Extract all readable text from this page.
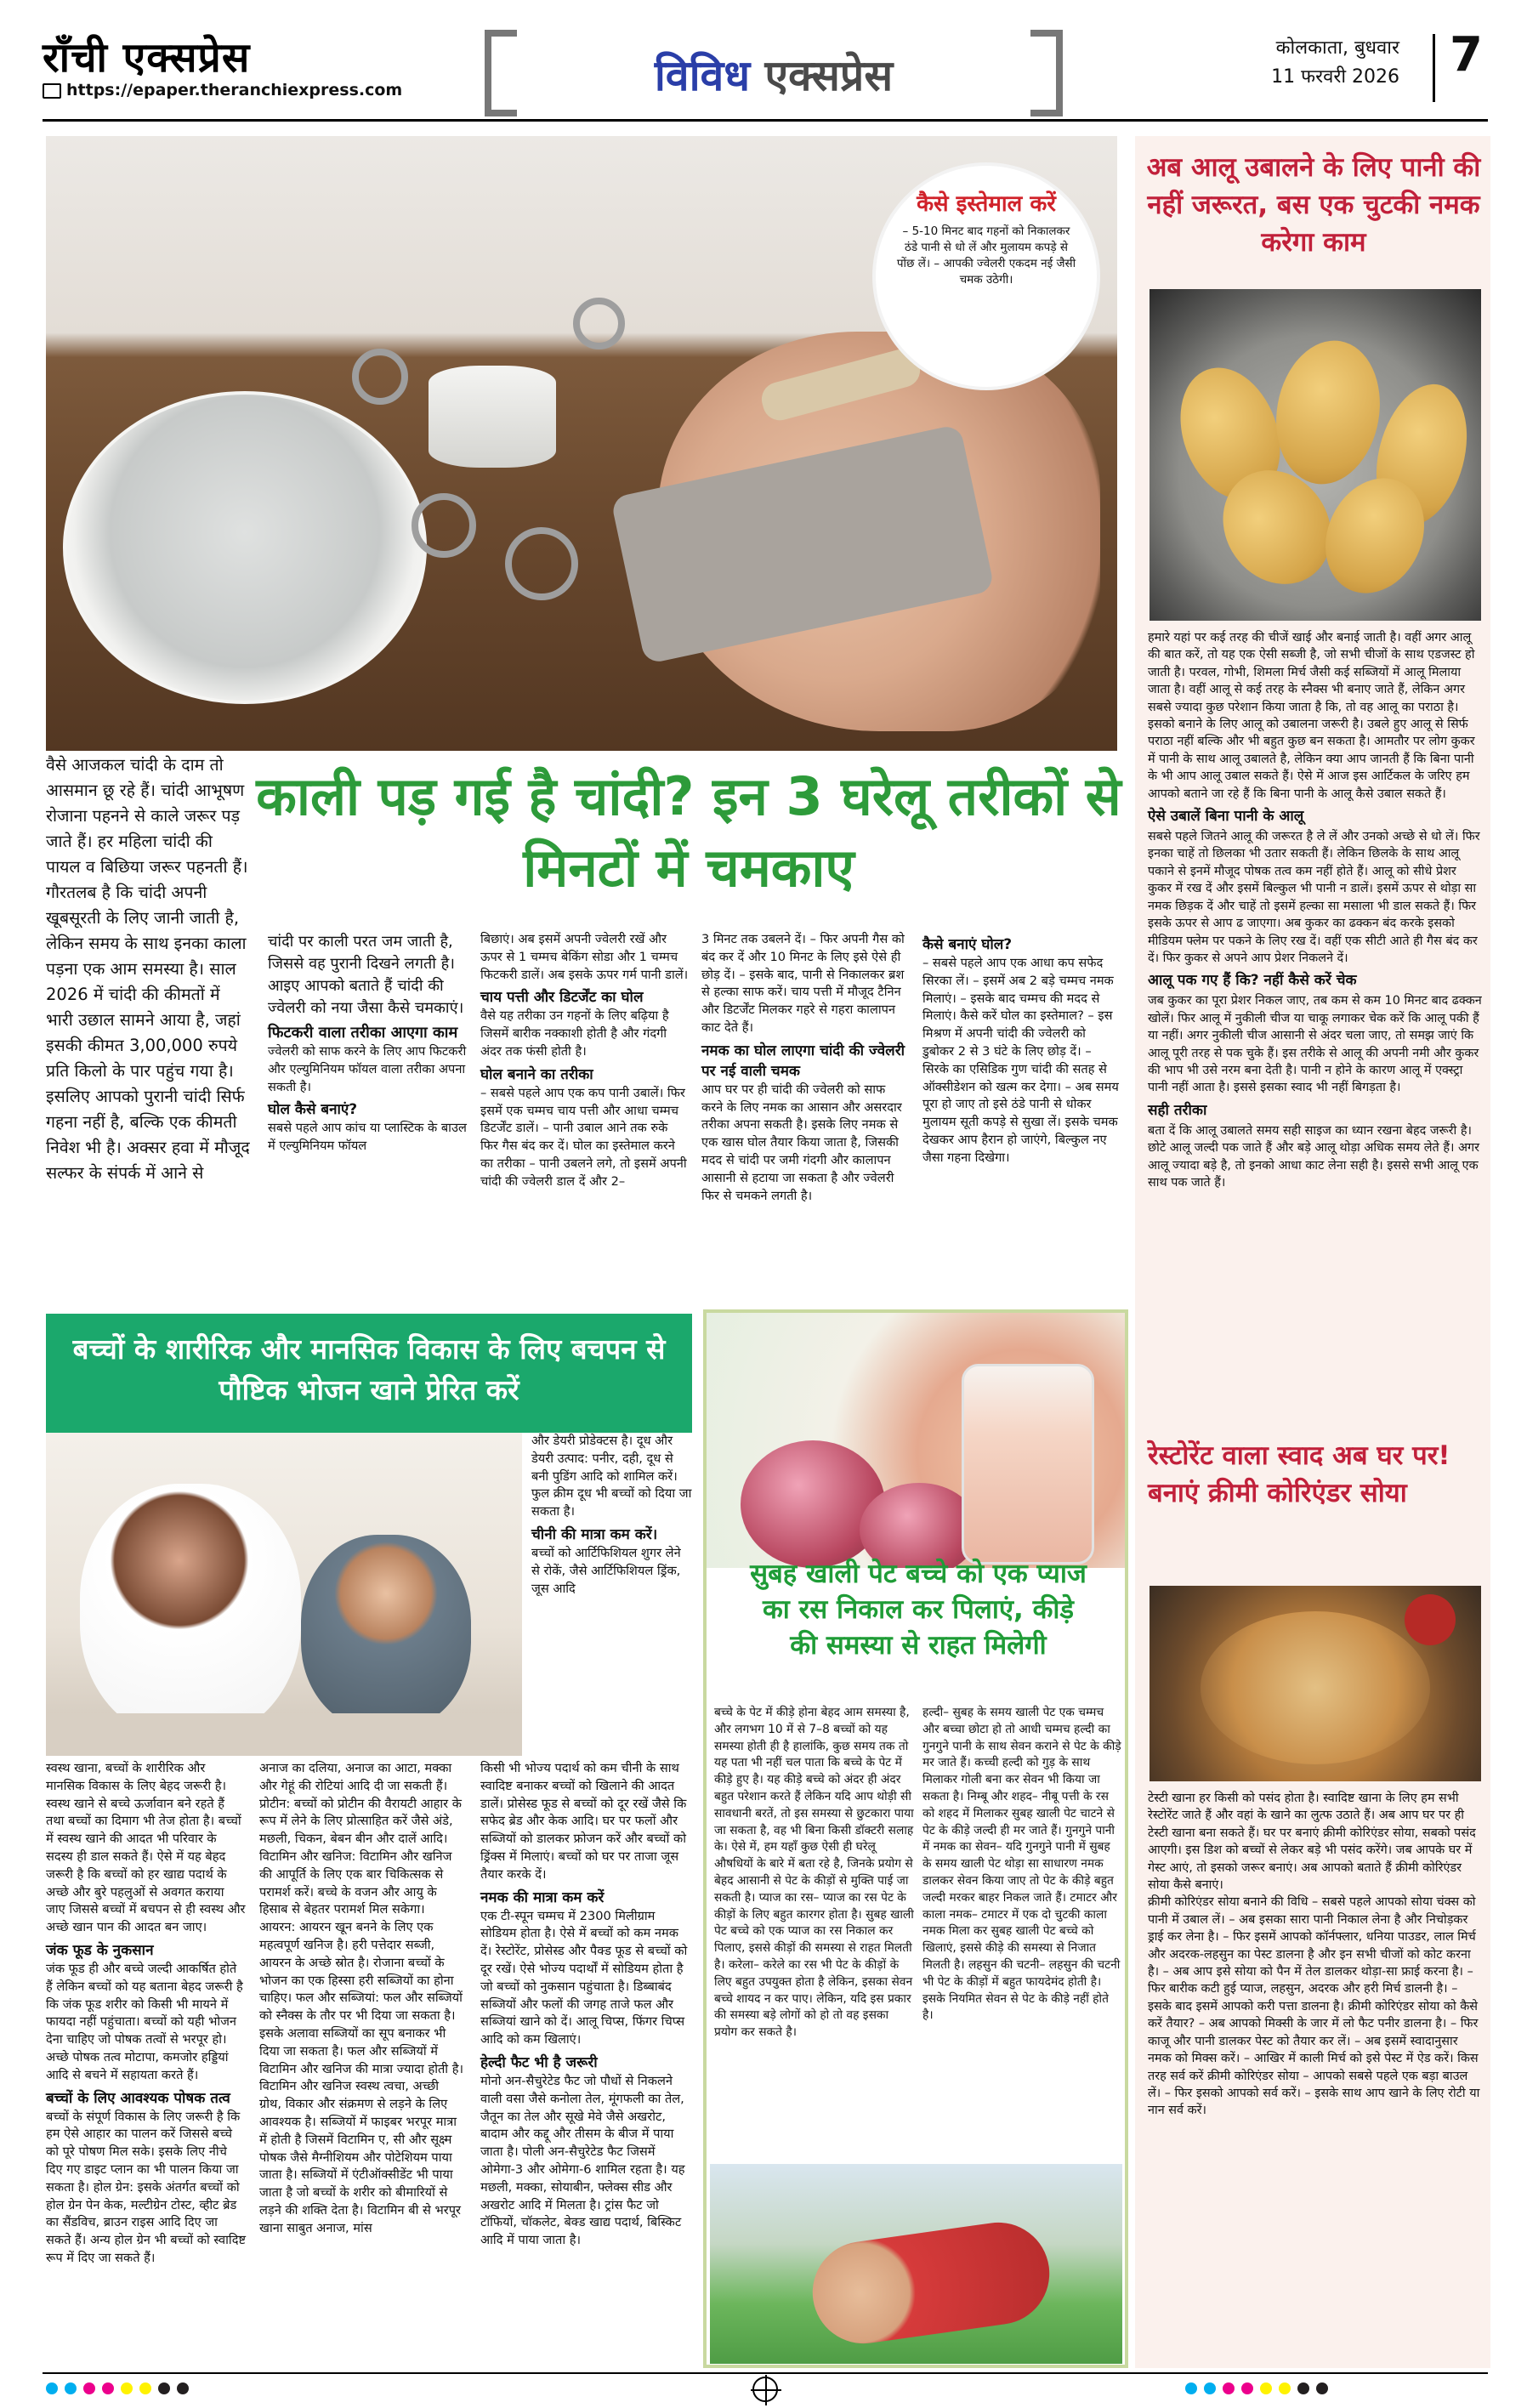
राँची एक्सप्रेस
https://epaper.theranchiexpress.com	विविध एक्सप्रेस
कोलकाता, बुधवार
11 फरवरी 2026	7
कैसे इस्तेमाल करें
– 5-10 मिनट बाद गहनों को निकालकर ठंडे पानी से धो लें और मुलायम कपड़े से पोंछ लें। – आपकी ज्वेलरी एकदम नई जैसी चमक उठेगी।
वैसे आजकल चांदी के दाम तो आसमान छू रहे हैं। चांदी आभूषण रोजाना पहनने से काले जरूर पड़ जाते हैं। हर महिला चांदी की पायल व बिछिया जरूर पहनती हैं। गौरतलब है कि चांदी अपनी खूबसूरती के लिए जानी जाती है, लेकिन समय के साथ इनका काला पड़ना एक आम समस्या है। साल 2026 में चांदी की कीमतों में भारी उछाल सामने आया है, जहां इसकी कीमत 3,00,000 रुपये प्रति किलो के पार पहुंच गया है। इसलिए आपको पुरानी चांदी सिर्फ गहना नहीं है, बल्कि एक कीमती निवेश भी है। अक्सर हवा में मौजूद सल्फर के संपर्क में आने से
काली पड़ गई है चांदी? इन 3 घरेलू तरीकों से मिनटों में चमकाए
चांदी पर काली परत जम जाती है, जिससे वह पुरानी दिखने लगती है। आइए आपको बताते हैं चांदी की ज्वेलरी को नया जैसा कैसे चमकाएं।
फिटकरी वाला तरीका आएगा काम
ज्वेलरी को साफ करने के लिए आप फिटकरी और एल्युमिनियम फॉयल वाला तरीका अपना सकती है।
घोल कैसे बनाएं?
सबसे पहले आप कांच या प्लास्टिक के बाउल में एल्युमिनियम फॉयल
बिछाएं। अब इसमें अपनी ज्वेलरी रखें और ऊपर से 1 चम्मच बेकिंग सोडा और 1 चम्मच फिटकरी डालें। अब इसके ऊपर गर्म पानी डालें।
चाय पत्ती और डिटर्जेंट का घोल
वैसे यह तरीका उन गहनों के लिए बढ़िया है जिसमें बारीक नक्काशी होती है और गंदगी अंदर तक फंसी होती है।
घोल बनाने का तरीका
– सबसे पहले आप एक कप पानी उबालें। फिर इसमें एक चम्मच चाय पत्ती और आधा चम्मच डिटर्जेंट डालें। – पानी उबाल आने तक रुके फिर गैस बंद कर दें। घोल का इस्तेमाल करने का तरीका – पानी उबलने लगे, तो इसमें अपनी चांदी की ज्वेलरी डाल दें और 2–
3 मिनट तक उबलने दें। – फिर अपनी गैस को बंद कर दें और 10 मिनट के लिए इसे ऐसे ही छोड़ दें। – इसके बाद, पानी से निकालकर ब्रश से हल्का साफ करें। चाय पत्ती में मौजूद टैनिन और डिटर्जेंट मिलकर गहरे से गहरा कालापन काट देते हैं।
नमक का घोल लाएगा चांदी की ज्वेलरी पर नई वाली चमक
आप घर पर ही चांदी की ज्वेलरी को साफ करने के लिए नमक का आसान और असरदार तरीका अपना सकती है। इसके लिए नमक से एक खास घोल तैयार किया जाता है, जिसकी मदद से चांदी पर जमी गंदगी और कालापन आसानी से हटाया जा सकता है और ज्वेलरी फिर से चमकने लगती है।
कैसे बनाएं घोल?
– सबसे पहले आप एक आधा कप सफेद सिरका लें। – इसमें अब 2 बड़े चम्मच नमक मिलाएं। – इसके बाद चम्मच की मदद से मिलाएं। कैसे करें घोल का इस्तेमाल? – इस मिश्रण में अपनी चांदी की ज्वेलरी को डुबोकर 2 से 3 घंटे के लिए छोड़ दें। – सिरके का एसिडिक गुण चांदी की सतह से ऑक्सीडेशन को खत्म कर देगा। – अब समय पूरा हो जाए तो इसे ठंडे पानी से धोकर मुलायम सूती कपड़े से सुखा लें। इसके चमक देखकर आप हैरान हो जाएंगे, बिल्कुल नए जैसा गहना दिखेगा।
अब आलू उबालने के लिए पानी की नहीं जरूरत, बस एक चुटकी नमक करेगा काम
हमारे यहां पर कई तरह की चीजें खाई और बनाई जाती है। वहीं अगर आलू की बात करें, तो यह एक ऐसी सब्जी है, जो सभी चीजों के साथ एडजस्ट हो जाती है। परवल, गोभी, शिमला मिर्च जैसी कई सब्जियों में आलू मिलाया जाता है। वहीं आलू से कई तरह के स्नैक्स भी बनाए जाते हैं, लेकिन अगर सबसे ज्यादा कुछ परेशान किया जाता है कि, तो वह आलू का पराठा है। इसको बनाने के लिए आलू को उबालना जरूरी है। उबले हुए आलू से सिर्फ पराठा नहीं बल्कि और भी बहुत कुछ बन सकता है। आमतौर पर लोग कुकर में पानी के साथ आलू उबालते है, लेकिन क्या आप जानती हैं कि बिना पानी के भी आप आलू उबाल सकते हैं। ऐसे में आज इस आर्टिकल के जरिए हम आपको बताने जा रहे हैं कि बिना पानी के आलू कैसे उबाल सकते हैं।
ऐसे उबालें बिना पानी के आलू
सबसे पहले जितने आलू की जरूरत है ले लें और उनको अच्छे से धो लें। फिर इनका चाहें तो छिलका भी उतार सकती हैं। लेकिन छिलके के साथ आलू पकाने से इनमें मौजूद पोषक तत्व कम नहीं होते हैं। आलू को सीधे प्रेशर कुकर में रख दें और इसमें बिल्कुल भी पानी न डालें। इसमें ऊपर से थोड़ा सा नमक छिड़क दें और चाहें तो इसमें हल्का सा मसाला भी डाल सकते हैं। फिर इसके ऊपर से आप ढ जाएगा। अब कुकर का ढक्कन बंद करके इसको मीडियम फ्लेम पर पकने के लिए रख दें। वहीं एक सीटी आते ही गैस बंद कर दें। फिर कुकर से अपने आप प्रेशर निकलने दें।
आलू पक गए हैं कि? नहीं कैसे करें चेक
जब कुकर का पूरा प्रेशर निकल जाए, तब कम से कम 10 मिनट बाद ढक्कन खोलें। फिर आलू में नुकीली चीज या चाकू लगाकर चेक करें कि आलू पकी हैं या नहीं। अगर नुकीली चीज आसानी से अंदर चला जाए, तो समझ जाएं कि आलू पूरी तरह से पक चुके हैं। इस तरीके से आलू की अपनी नमी और कुकर की भाप भी उसे नरम बना देती है। पानी न होने के कारण आलू में एक्स्ट्रा पानी नहीं आता है। इससे इसका स्वाद भी नहीं बिगड़ता है।
सही तरीका
बता दें कि आलू उबालते समय सही साइज का ध्यान रखना बेहद जरूरी है। छोटे आलू जल्दी पक जाते हैं और बड़े आलू थोड़ा अधिक समय लेते हैं। अगर आलू ज्यादा बड़े है, तो इनको आधा काट लेना सही है। इससे सभी आलू एक साथ पक जाते हैं।
रेस्टोरेंट वाला स्वाद अब घर पर! बनाएं क्रीमी कोरिएंडर सोया
टेस्टी खाना हर किसी को पसंद होता है। स्वादिष्ट खाना के लिए हम सभी रेस्टोरेंट जाते हैं और वहां के खाने का लुत्फ उठाते हैं। अब आप घर पर ही टेस्टी खाना बना सकते हैं। घर पर बनाएं क्रीमी कोरिएंडर सोया, सबको पसंद आएगी। इस डिश को बच्चों से लेकर बड़े भी पसंद करेंगे। जब आपके घर में गेस्ट आएं, तो इसको जरूर बनाएं। अब आपको बताते हैं क्रीमी कोरिएंडर सोया कैसे बनाएं।
क्रीमी कोरिएंडर सोया बनाने की विधि – सबसे पहले आपको सोया चंक्स को पानी में उबाल लें। – अब इसका सारा पानी निकाल लेना है और निचोड़कर ड्राई कर लेना है। – फिर इसमें आपको कॉर्नफ्लार, धनिया पाउडर, लाल मिर्च और अदरक-लहसुन का पेस्ट डालना है और इन सभी चीजों को कोट करना है। – अब आप इसे सोया को पैन में तेल डालकर थोड़ा-सा फ्राई करना है। – फिर बारीक कटी हुई प्याज, लहसुन, अदरक और हरी मिर्च डालनी है। – इसके बाद इसमें आपको करी पत्ता डालना है। क्रीमी कोरिएंडर सोया को कैसे करें तैयार? – अब आपको मिक्सी के जार में लो फैट पनीर डालना है। – फिर काजू और पानी डालकर पेस्ट को तैयार कर लें। – अब इसमें स्वादानुसार नमक को मिक्स करें। – आखिर में काली मिर्च को इसे पेस्ट में ऐड करें। किस तरह सर्व करें क्रीमी कोरिएंडर सोया – आपको सबसे पहले एक बड़ा बाउल लें। – फिर इसको आपको सर्व करें। – इसके साथ आप खाने के लिए रोटी या नान सर्व करें।
बच्चों के शारीरिक और मानसिक विकास के लिए बचपन से पौष्टिक भोजन खाने प्रेरित करें
और डेयरी प्रोडेक्टस है। दूध और डेयरी उत्पाद: पनीर, दही, दूध से बनी पुडिंग आदि को शामिल करें। फुल क्रीम दूध भी बच्चों को दिया जा सकता है।
चीनी की मात्रा कम करें।
बच्चों को आर्टिफिशियल शुगर लेने से रोकें, जैसे आर्टिफिशियल ड्रिंक, जूस आदि
स्वस्थ खाना, बच्चों के शारीरिक और मानसिक विकास के लिए बेहद जरूरी है। स्वस्थ खाने से बच्चे ऊर्जावान बने रहते हैं तथा बच्चों का दिमाग भी तेज होता है। बच्चों में स्वस्थ खाने की आदत भी परिवार के सदस्य ही डाल सकते हैं। ऐसे में यह बेहद जरूरी है कि बच्चों को हर खाद्य पदार्थ के अच्छे और बुरे पहलुओं से अवगत कराया जाए जिससे बच्चों में बचपन से ही स्वस्थ और अच्छे खान पान की आदत बन जाए।
जंक फूड के नुकसान
जंक फूड ही और बच्चे जल्दी आकर्षित होते हैं लेकिन बच्चों को यह बताना बेहद जरूरी है कि जंक फूड शरीर को किसी भी मायने में फायदा नहीं पहुंचाता। बच्चों को यही भोजन देना चाहिए जो पोषक तत्वों से भरपूर हो। अच्छे पोषक तत्व मोटापा, कमजोर हड्डियां आदि से बचने में सहायता करते हैं।
बच्चों के लिए आवश्यक पोषक तत्व
बच्चों के संपूर्ण विकास के लिए जरूरी है कि हम ऐसे आहार का पालन करें जिससे बच्चे को पूरे पोषण मिल सके। इसके लिए नीचे दिए गए डाइट प्लान का भी पालन किया जा सकता है। होल ग्रेन: इसके अंतर्गत बच्चों को होल ग्रेन पेन केक, मल्टीग्रेन टोस्ट, व्हीट ब्रेड का सैंडविच, ब्राउन राइस आदि दिए जा सकते हैं। अन्य होल ग्रेन भी बच्चों को स्वादिष्ट रूप में दिए जा सकते हैं।
अनाज का दलिया, अनाज का आटा, मक्का और गेहूं की रोटियां आदि दी जा सकती हैं। प्रोटीन: बच्चों को प्रोटीन की वैरायटी आहार के रूप में लेने के लिए प्रोत्साहित करें जैसे अंडे, मछली, चिकन, बेबन बीन और दालें आदि। विटामिन और खनिज: विटामिन और खनिज की आपूर्ति के लिए एक बार चिकित्सक से परामर्श करें। बच्चे के वजन और आयु के हिसाब से बेहतर परामर्श मिल सकेगा। आयरन: आयरन खून बनने के लिए एक महत्वपूर्ण खनिज है। हरी पत्तेदार सब्जी, आयरन के अच्छे स्रोत है। रोजाना बच्चों के भोजन का एक हिस्सा हरी सब्जियों का होना चाहिए। फल और सब्जियां: फल और सब्जियों को स्नैक्स के तौर पर भी दिया जा सकता है। इसके अलावा सब्जियों का सूप बनाकर भी दिया जा सकता है। फल और सब्जियों में विटामिन और खनिज की मात्रा ज्यादा होती है। विटामिन और खनिज स्वस्थ त्वचा, अच्छी ग्रोथ, विकार और संक्रमण से लड़ने के लिए आवश्यक है। सब्जियों में फाइबर भरपूर मात्रा में होती है जिसमें विटामिन ए, सी और सूक्ष्म पोषक जैसे मैग्नीशियम और पोटेशियम पाया जाता है। सब्जियों में एंटीऑक्सीडेंट भी पाया जाता है जो बच्चों के शरीर को बीमारियों से लड़ने की शक्ति देता है। विटामिन बी से भरपूर खाना साबुत अनाज, मांस
किसी भी भोज्य पदार्थ को कम चीनी के साथ स्वादिष्ट बनाकर बच्चों को खिलाने की आदत डालें। प्रोसेस्ड फूड से बच्चों को दूर रखें जैसे कि सफेद ब्रेड और केक आदि। घर पर फलों और सब्जियों को डालकर फ्रोजन करें और बच्चों को ड्रिंक्स में मिलाएं। बच्चों को घर पर ताजा जूस तैयार करके दें।
नमक की मात्रा कम करें
एक टी-स्पून चम्मच में 2300 मिलीग्राम सोडियम होता है। ऐसे में बच्चों को कम नमक दें। रेस्टोरेंट, प्रोसेस्ड और पैक्ड फूड से बच्चों को दूर रखें। ऐसे भोज्य पदार्थों में सोडियम होता है जो बच्चों को नुकसान पहुंचाता है। डिब्बाबंद सब्जियों और फलों की जगह ताजे फल और सब्जियां खाने को दें। आलू चिप्स, फिंगर चिप्स आदि को कम खिलाएं।
हेल्दी फैट भी है जरूरी
मोनो अन-सैचुरेटेड फैट जो पौधों से निकलने वाली वसा जैसे कनोला तेल, मूंगफली का तेल, जैतून का तेल और सूखे मेवे जैसे अखरोट, बादाम और कद्दू और तीसम के बीज में पाया जाता है। पोली अन-सैचुरेटेड फैट जिसमें ओमेगा-3 और ओमेगा-6 शामिल रहता है। यह मछली, मक्का, सोयाबीन, फ्लेक्स सीड और अखरोट आदि में मिलता है। ट्रांस फैट जो टॉफियों, चॉकलेट, बेक्ड खाद्य पदार्थ, बिस्किट आदि में पाया जाता है।
सुबह खाली पेट बच्चे को एक प्याज का रस निकाल कर पिलाएं, कीड़े की समस्या से राहत मिलेगी
बच्चे के पेट में कीड़े होना बेहद आम समस्या है, और लगभग 10 में से 7–8 बच्चों को यह समस्या होती ही है हालांकि, कुछ समय तक तो यह पता भी नहीं चल पाता कि बच्चे के पेट में कीड़े हुए है। यह कीड़े बच्चे को अंदर ही अंदर बहुत परेशान करते हैं लेकिन यदि आप थोड़ी सी सावधानी बरतें, तो इस समस्या से छुटकारा पाया जा सकता है, वह भी बिना किसी डॉक्टरी सलाह के। ऐसे में, हम यहाँ कुछ ऐसी ही घरेलू औषधियों के बारे में बता रहे है, जिनके प्रयोग से बेहद आसानी से पेट के कीड़ों से मुक्ति पाई जा सकती है। प्याज का रस– प्याज का रस पेट के कीड़ों के लिए बहुत कारगर होता है। सुबह खाली पेट बच्चे को एक प्याज का रस निकाल कर पिलाए, इससे कीड़ों की समस्या से राहत मिलती है। करेला– करेले का रस भी पेट के कीड़ों के लिए बहुत उपयुक्त होता है लेकिन, इसका सेवन बच्चे शायद न कर पाए। लेकिन, यदि इस प्रकार की समस्या बड़े लोगों को हो तो वह इसका प्रयोग कर सकते है।
हल्दी– सुबह के समय खाली पेट एक चम्मच और बच्चा छोटा हो तो आधी चम्मच हल्दी का गुनगुने पानी के साथ सेवन कराने से पेट के कीड़े मर जाते हैं। कच्ची हल्दी को गुड़ के साथ मिलाकर गोली बना कर सेवन भी किया जा सकता है। निम्बू और शहद– नीबू पत्ती के रस को शहद में मिलाकर सुबह खाली पेट चाटने से पेट के कीड़े जल्दी ही मर जाते हैं। गुनगुने पानी में नमक का सेवन– यदि गुनगुने पानी में सुबह के समय खाली पेट थोड़ा सा साधारण नमक डालकर सेवन किया जाए तो पेट के कीड़े बहुत जल्दी मरकर बाहर निकल जाते हैं। टमाटर और काला नमक– टमाटर में एक दो चुटकी काला नमक मिला कर सुबह खाली पेट बच्चे को खिलाएं, इससे कीड़े की समस्या से निजात मिलती है। लहसुन की चटनी– लहसुन की चटनी भी पेट के कीड़ों में बहुत फायदेमंद होती है। इसके नियमित सेवन से पेट के कीड़े नहीं होते है।
